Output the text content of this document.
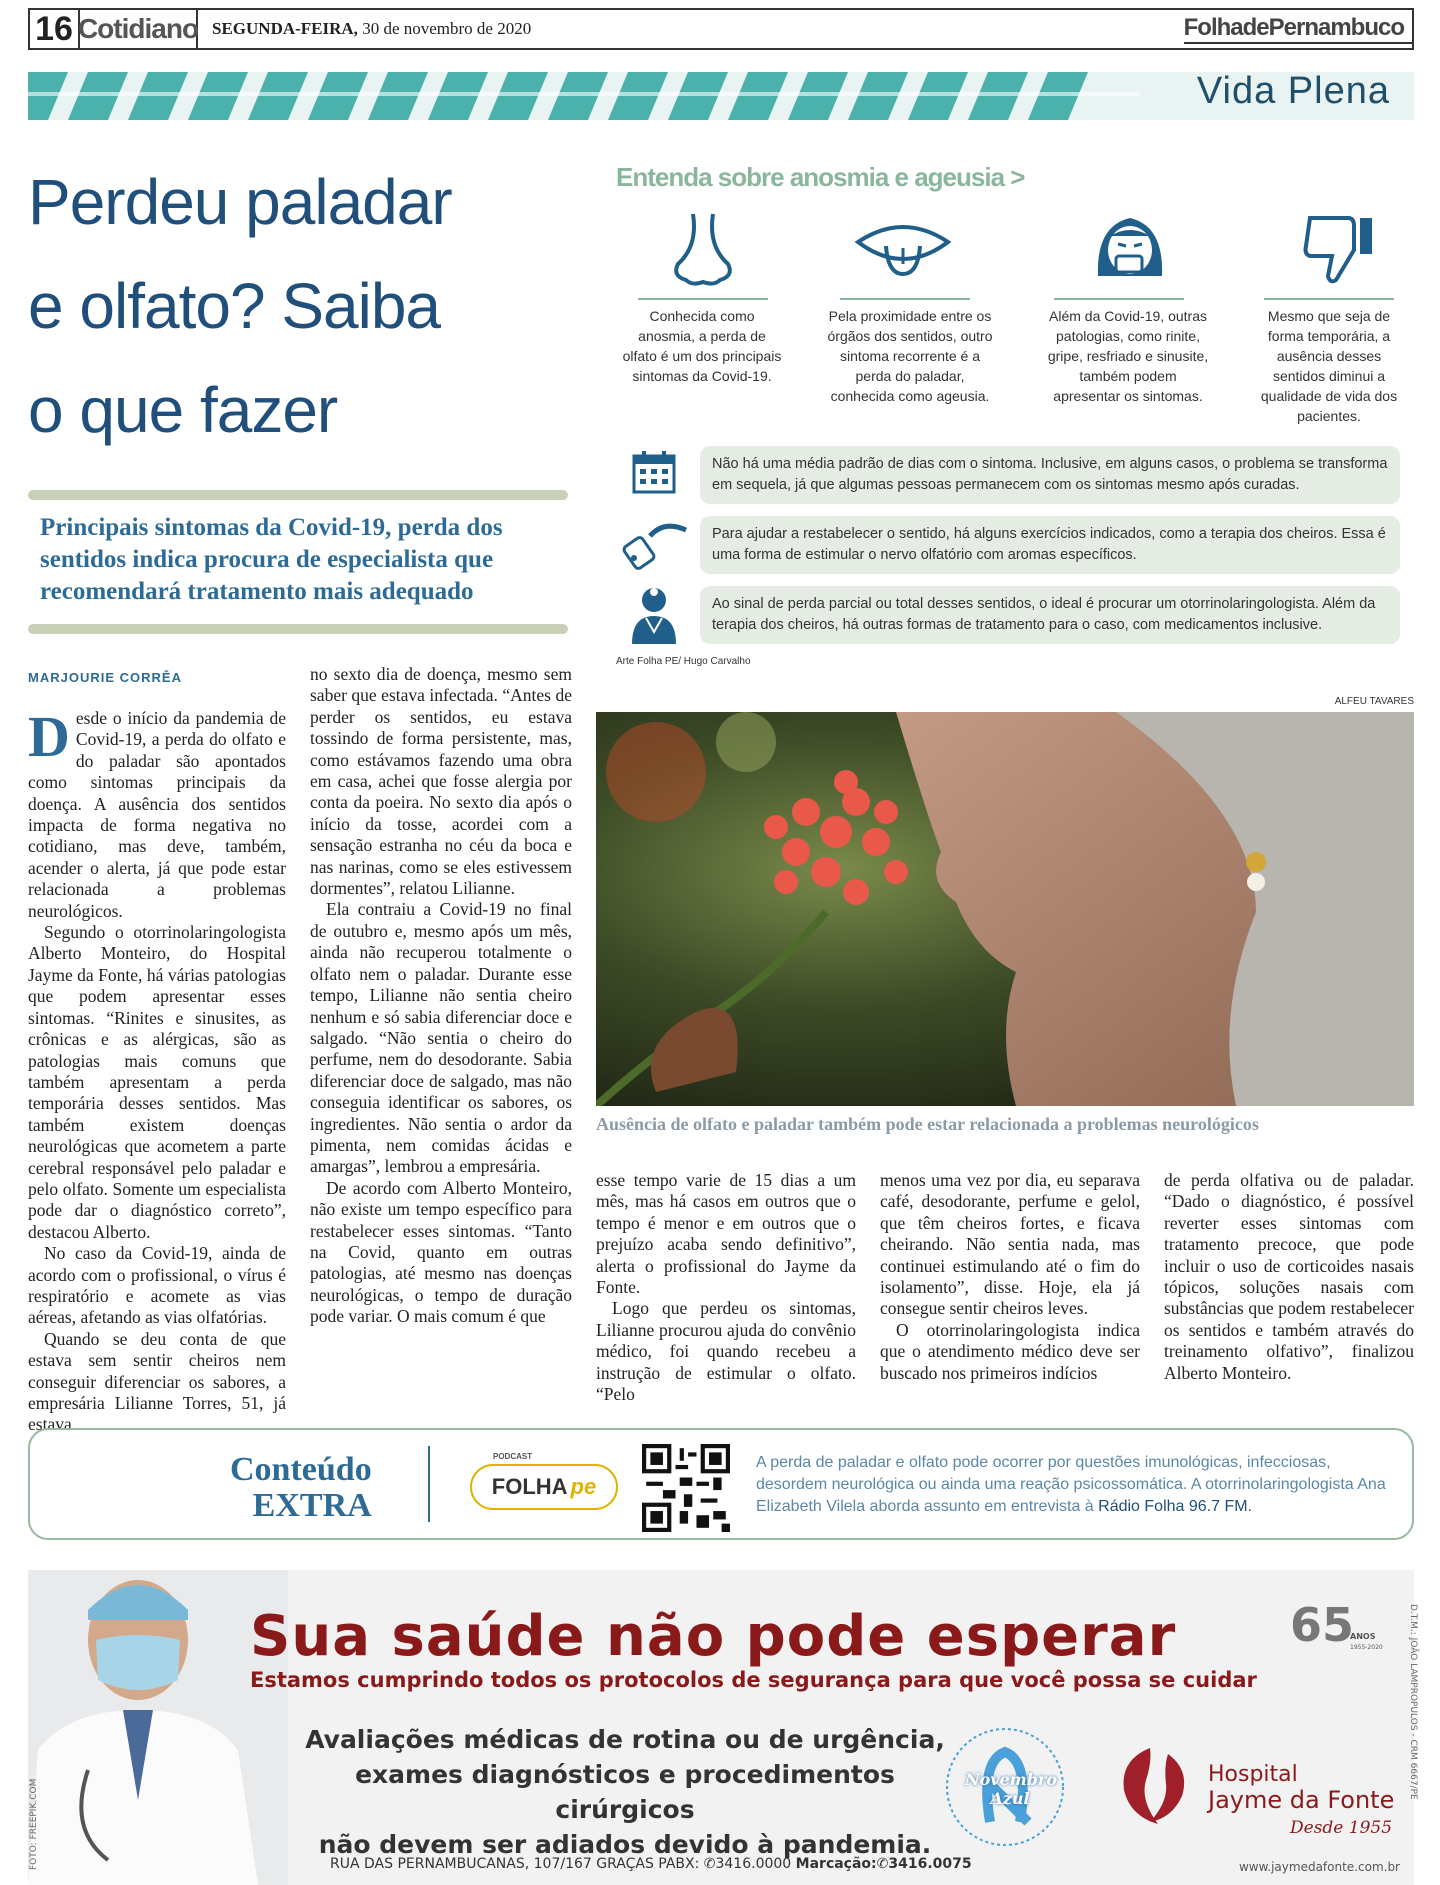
16 Cotidiano SEGUNDA-FEIRA, 30 de novembro de 2020	FolhadePernambuco
Vida Plena
Perdeu paladar
e olfato? Saiba
o que fazer
Principais sintomas da Covid-19, perda dos sentidos indica procura de especialista que recomendará tratamento mais adequado
MARJOURIE CORRÊA

Desde o início da pandemia de Covid-19, a perda do olfato e do paladar são apontados como sintomas principais da doença. A ausência dos sentidos impacta de forma negativa no cotidiano, mas deve, também, acender o alerta, já que pode estar relacionada a problemas neurológicos.

Segundo o otorrinolaringologista Alberto Monteiro, do Hospital Jayme da Fonte, há várias patologias que podem apresentar esses sintomas. “Rinites e sinusites, as crônicas e as alérgicas, são as patologias mais comuns que também apresentam a perda temporária desses sentidos. Mas também existem doenças neurológicas que acometem a parte cerebral responsável pelo paladar e pelo olfato. Somente um especialista pode dar o diagnóstico correto”, destacou Alberto.

No caso da Covid-19, ainda de acordo com o profissional, o vírus é respiratório e acomete as vias aéreas, afetando as vias olfatórias.

Quando se deu conta de que estava sem sentir cheiros nem conseguir diferenciar os sabores, a empresária Lilianne Torres, 51, já estava

no sexto dia de doença, mesmo sem saber que estava infectada. “Antes de perder os sentidos, eu estava tossindo de forma persistente, mas, como estávamos fazendo uma obra em casa, achei que fosse alergia por conta da poeira. No sexto dia após o início da tosse, acordei com a sensação estranha no céu da boca e nas narinas, como se eles estivessem dormentes”, relatou Lilianne.

Ela contraiu a Covid-19 no final de outubro e, mesmo após um mês, ainda não recuperou totalmente o olfato nem o paladar. Durante esse tempo, Lilianne não sentia cheiro nenhum e só sabia diferenciar doce e salgado. “Não sentia o cheiro do perfume, nem do desodorante. Sabia diferenciar doce de salgado, mas não conseguia identificar os sabores, os ingredientes. Não sentia o ardor da pimenta, nem comidas ácidas e amargas”, lembrou a empresária.

De acordo com Alberto Monteiro, não existe um tempo específico para restabelecer esses sintomas. “Tanto na Covid, quanto em outras patologias, até mesmo nas doenças neurológicas, o tempo de duração pode variar. O mais comum é que

esse tempo varie de 15 dias a um mês, mas há casos em outros que o tempo é menor e em outros que o prejuízo acaba sendo definitivo”, alerta o profissional do Jayme da Fonte.

Logo que perdeu os sintomas, Lilianne procurou ajuda do convênio médico, foi quando recebeu a instrução de estimular o olfato. “Pelo

menos uma vez por dia, eu separava café, desodorante, perfume e gelol, que têm cheiros fortes, e ficava cheirando. Não sentia nada, mas continuei estimulando até o fim do isolamento”, disse. Hoje, ela já consegue sentir cheiros leves.

O otorrinolaringologista indica que o atendimento médico deve ser buscado nos primeiros indícios

de perda olfativa ou de paladar. “Dado o diagnóstico, é possível reverter esses sintomas com tratamento precoce, que pode incluir o uso de corticoides nasais tópicos, soluções nasais com substâncias que podem restabelecer os sentidos e também através do treinamento olfativo”, finalizou Alberto Monteiro.

Entenda sobre anosmia e ageusia >
Conhecida como anosmia, a perda de olfato é um dos principais sintomas da Covid-19.
Pela proximidade entre os órgãos dos sentidos, outro sintoma recorrente é a perda do paladar, conhecida como ageusia.
Além da Covid-19, outras patologias, como rinite, gripe, resfriado e sinusite, também podem apresentar os sintomas.
Mesmo que seja de forma temporária, a ausência desses sentidos diminui a qualidade de vida dos pacientes.
Não há uma média padrão de dias com o sintoma. Inclusive, em alguns casos, o problema se transforma em sequela, já que algumas pessoas permanecem com os sintomas mesmo após curadas.
Para ajudar a restabelecer o sentido, há alguns exercícios indicados, como a terapia dos cheiros. Essa é uma forma de estimular o nervo olfatório com aromas específicos.
Ao sinal de perda parcial ou total desses sentidos, o ideal é procurar um otorrinolaringologista. Além da terapia dos cheiros, há outras formas de tratamento para o caso, com medicamentos inclusive.
Arte Folha PE/ Hugo Carvalho
ALFEU TAVARES
Ausência de olfato e paladar também pode estar relacionada a problemas neurológicos
Conteúdo
EXTRA
FOLHA pe
PODCAST	A perda de paladar e olfato pode ocorrer por questões imunológicas, infecciosas, desordem neurológica ou ainda uma reação psicossomática. A otorrinolaringologista Ana Elizabeth Vilela aborda assunto em entrevista à Rádio Folha 96.7 FM.
FOTO: FREEPIK.COM
Sua saúde não pode esperar
Estamos cumprindo todos os protocolos de segurança para que você possa se cuidar
Avaliações médicas de rotina ou de urgência,
exames diagnósticos e procedimentos cirúrgicos
não devem ser adiados devido à pandemia.
65
ANOS
1955-2020
Novembro Azul
Hospital
Jayme da Fonte
Desde 1955
D.T.M.: JOÃO LAMPROPULOS - CRM 6667/PE
RUA DAS PERNAMBUCANAS, 107/167 GRAÇAS PABX: ✆3416.0000 Marcação:✆3416.0075	www.jaymedafonte.com.br
